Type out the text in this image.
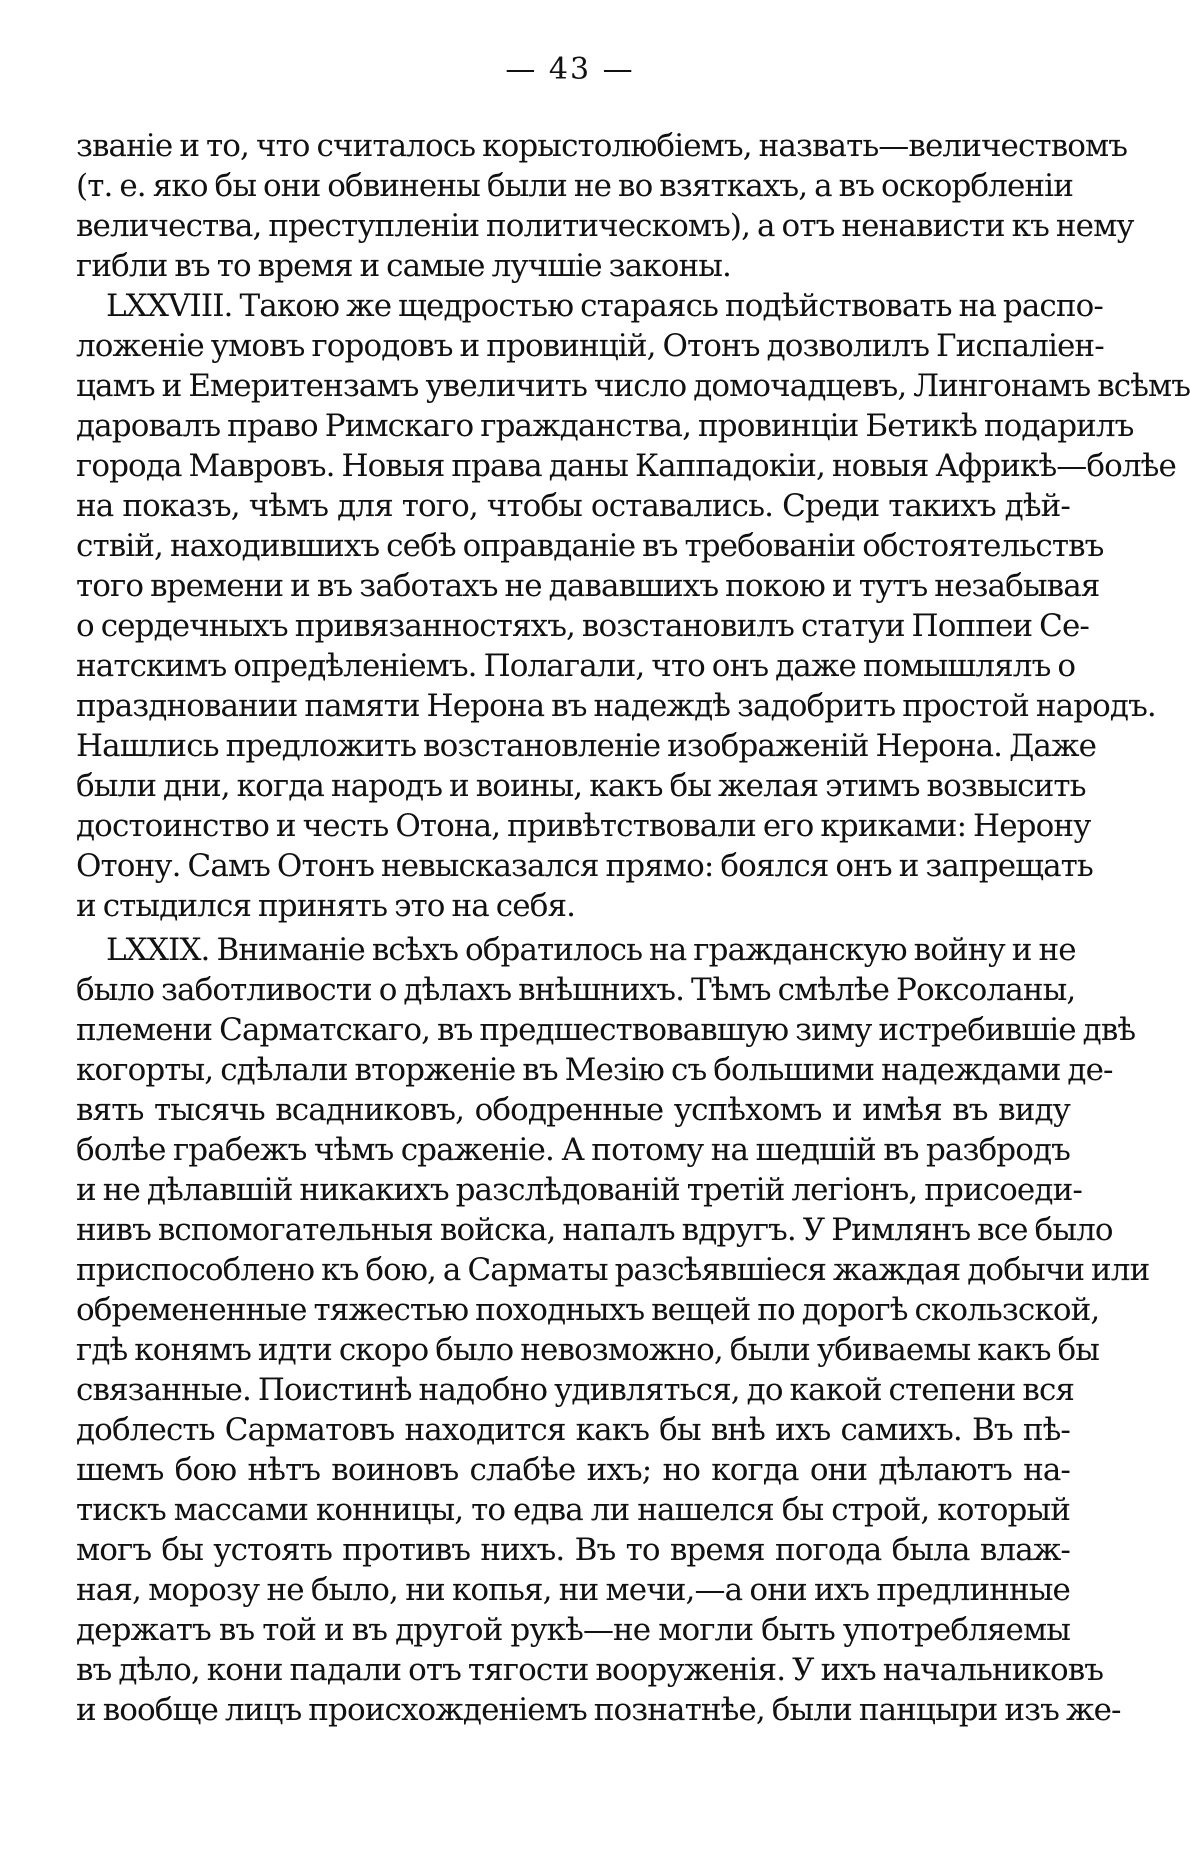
— 43 —
званіе и то, что считалось корыстолюбіемъ, назвать—величествомъ
(т. е. яко бы они обвинены были не во взяткахъ, а въ оскорбленіи
величества, преступленіи политическомъ), а отъ ненависти къ нему
гибли въ то время и самые лучшіе законы.
LXXVIII. Такою же щедростью стараясь подѣйствовать на распо-
ложеніе умовъ городовъ и провинцій, Отонъ дозволилъ Гиспаліен-
цамъ и Емеритензамъ увеличить число домочадцевъ, Лингонамъ всѣмъ
даровалъ право Римскаго гражданства, провинціи Бетикѣ подарилъ
города Мавровъ. Новыя права даны Каппадокіи, новыя Африкѣ—болѣе
на показъ, чѣмъ для того, чтобы оставались. Среди такихъ дѣй-
ствій, находившихъ себѣ оправданіе въ требованіи обстоятельствъ
того времени и въ заботахъ не дававшихъ покою и тутъ незабывая
о сердечныхъ привязанностяхъ, возстановилъ статуи Поппеи Се-
натскимъ опредѣленіемъ. Полагали, что онъ даже помышлялъ о
праздновании памяти Нерона въ надеждѣ задобрить простой народъ.
Нашлись предложить возстановленіе изображеній Нерона. Даже
были дни, когда народъ и воины, какъ бы желая этимъ возвысить
достоинство и честь Отона, привѣтствовали его криками: Нерону
Отону. Самъ Отонъ невысказался прямо: боялся онъ и запрещать
и стыдился принять это на себя.
LXXIX. Вниманіе всѣхъ обратилось на гражданскую войну и не
было заботливости о дѣлахъ внѣшнихъ. Тѣмъ смѣлѣе Роксоланы,
племени Сарматскаго, въ предшествовавшую зиму истребившіе двѣ
когорты, сдѣлали вторженіе въ Мезію съ большими надеждами де-
вять тысячь всадниковъ, ободренные успѣхомъ и имѣя въ виду
болѣе грабежъ чѣмъ сраженіе. А потому на шедшій въ разбродъ
и не дѣлавшій никакихъ разслѣдованій третій легіонъ, присоеди-
нивъ вспомогательныя войска, напалъ вдругъ. У Римлянъ все было
приспособлено къ бою, а Сарматы разсѣявшіеся жаждая добычи или
обремененные тяжестью походныхъ вещей по дорогѣ скользской,
гдѣ конямъ идти скоро было невозможно, были убиваемы какъ бы
связанные. Поистинѣ надобно удивляться, до какой степени вся
доблесть Сарматовъ находится какъ бы внѣ ихъ самихъ. Въ пѣ-
шемъ бою нѣтъ воиновъ слабѣе ихъ; но когда они дѣлаютъ на-
тискъ массами конницы, то едва ли нашелся бы строй, который
могъ бы устоять противъ нихъ. Въ то время погода была влаж-
ная, морозу не было, ни копья, ни мечи,—а они ихъ предлинные
держатъ въ той и въ другой рукѣ—не могли быть употребляемы
въ дѣло, кони падали отъ тягости вооруженія. У ихъ начальниковъ
и вообще лицъ происхожденіемъ познатнѣе, были панцыри изъ же-
